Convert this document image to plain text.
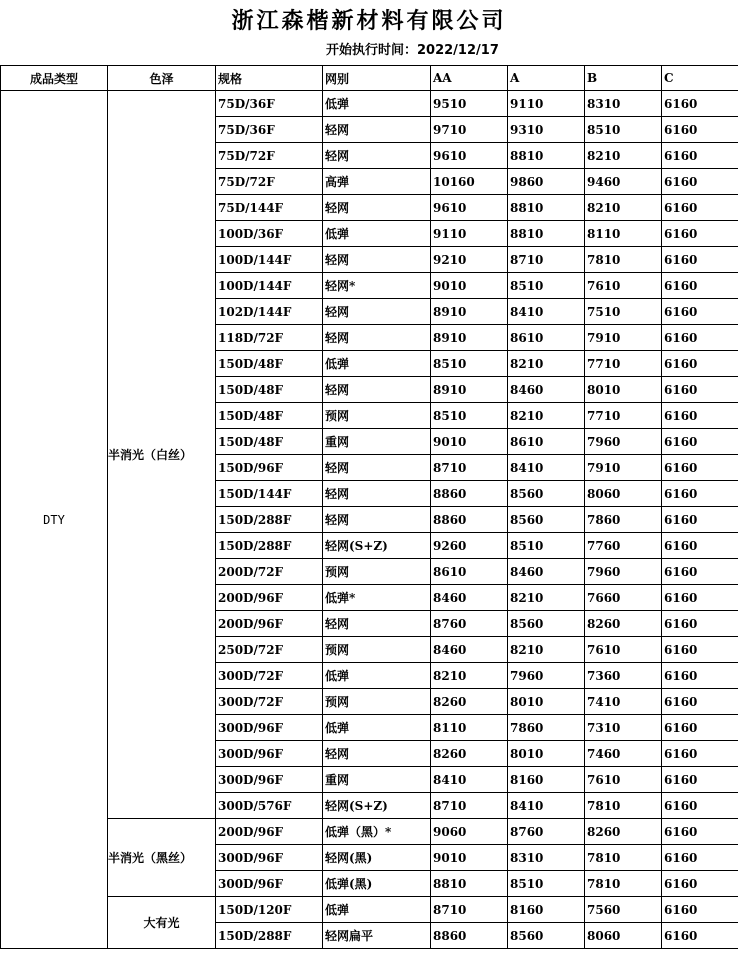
浙江森楷新材料有限公司
开始执行时间：2022/12/17
成品类型	色泽	规格	网别	AA	A	B	C
DTY	半消光（白丝）	75D/36F	低弹	9510	9110	8310	6160
		75D/36F	轻网	9710	9310	8510	6160
		75D/72F	轻网	9610	8810	8210	6160
		75D/72F	高弹	10160	9860	9460	6160
		75D/144F	轻网	9610	8810	8210	6160
		100D/36F	低弹	9110	8810	8110	6160
		100D/144F	轻网	9210	8710	7810	6160
		100D/144F	轻网*	9010	8510	7610	6160
		102D/144F	轻网	8910	8410	7510	6160
		118D/72F	轻网	8910	8610	7910	6160
		150D/48F	低弹	8510	8210	7710	6160
		150D/48F	轻网	8910	8460	8010	6160
		150D/48F	预网	8510	8210	7710	6160
		150D/48F	重网	9010	8610	7960	6160
		150D/96F	轻网	8710	8410	7910	6160
		150D/144F	轻网	8860	8560	8060	6160
		150D/288F	轻网	8860	8560	7860	6160
		150D/288F	轻网(S+Z)	9260	8510	7760	6160
		200D/72F	预网	8610	8460	7960	6160
		200D/96F	低弹*	8460	8210	7660	6160
		200D/96F	轻网	8760	8560	8260	6160
		250D/72F	预网	8460	8210	7610	6160
		300D/72F	低弹	8210	7960	7360	6160
		300D/72F	预网	8260	8010	7410	6160
		300D/96F	低弹	8110	7860	7310	6160
		300D/96F	轻网	8260	8010	7460	6160
		300D/96F	重网	8410	8160	7610	6160
		300D/576F	轻网(S+Z)	8710	8410	7810	6160
	半消光（黑丝）	200D/96F	低弹（黑）*	9060	8760	8260	6160
		300D/96F	轻网(黑)	9010	8310	7810	6160
		300D/96F	低弹(黑)	8810	8510	7810	6160
	大有光	150D/120F	低弹	8710	8160	7560	6160
		150D/288F	轻网扁平	8860	8560	8060	6160
